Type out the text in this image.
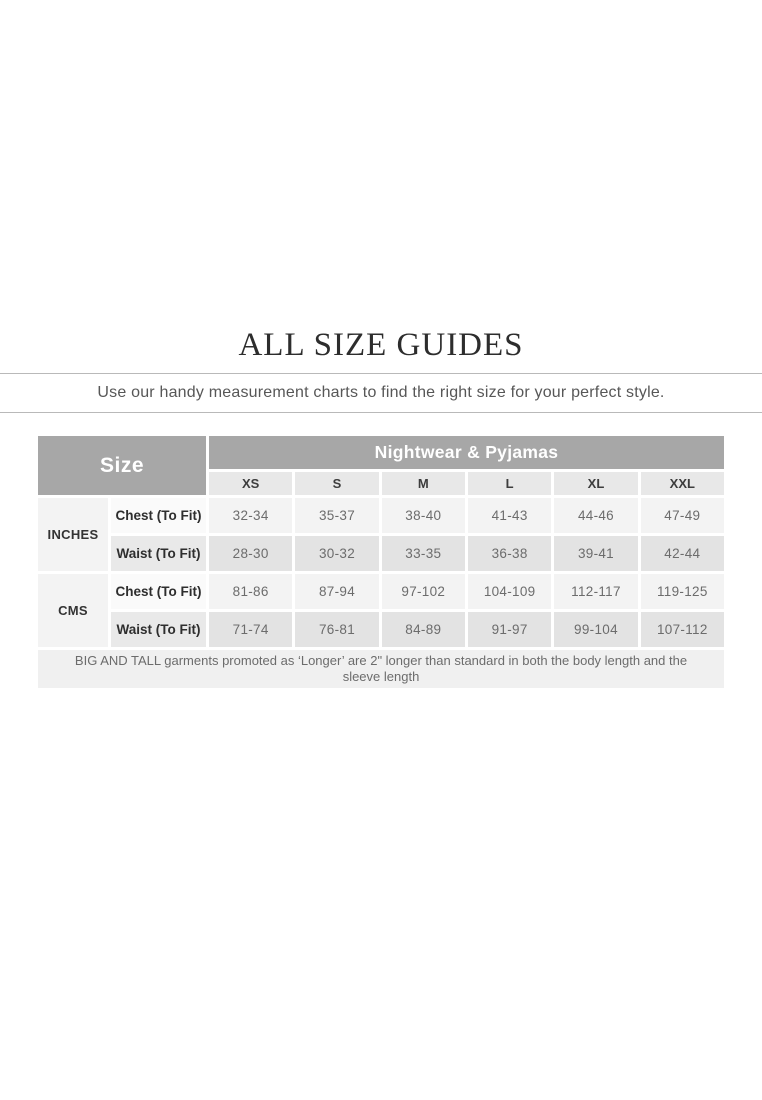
ALL SIZE GUIDES

Use our handy measurement charts to find the right size for your perfect style.

Size		Nightwear & Pyjamas					
		XS	S	M	L	XL	XXL
INCHES	Chest (To Fit)	32-34	35-37	38-40	41-43	44-46	47-49
	Waist (To Fit)	28-30	30-32	33-35	36-38	39-41	42-44
CMS	Chest (To Fit)	81-86	87-94	97-102	104-109	112-117	119-125
	Waist (To Fit)	71-74	76-81	84-89	91-97	99-104	107-112
BIG AND TALL garments promoted as ‘Longer’ are 2" longer than standard in both the body length and the sleeve length							
